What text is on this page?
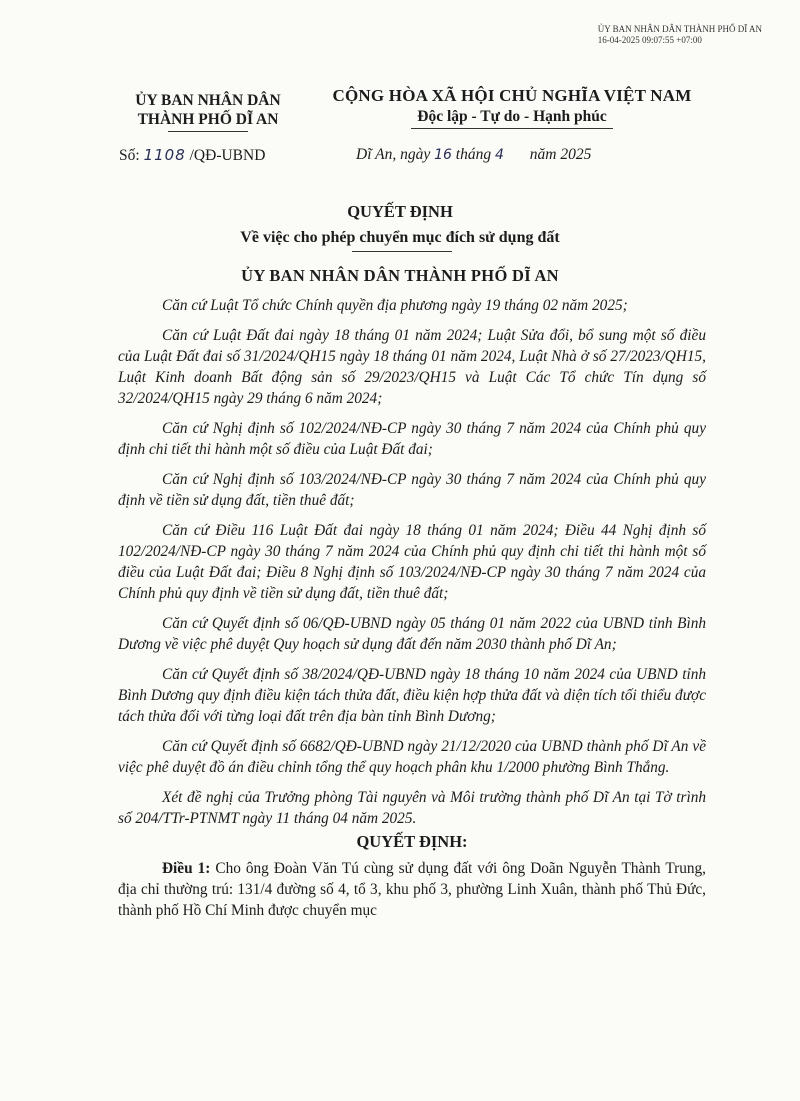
ỦY BAN NHÂN DÂN THÀNH PHỐ DĨ AN
16-04-2025 09:07:55 +07:00
ỦY BAN NHÂN DÂN
THÀNH PHỐ DĨ AN
CỘNG HÒA XÃ HỘI CHỦ NGHĨA VIỆT NAM
Độc lập - Tự do - Hạnh phúc
Số: 1108 /QĐ-UBND	Dĩ An, ngày 16 tháng 4 năm 2025
QUYẾT ĐỊNH
Về việc cho phép chuyển mục đích sử dụng đất
ỦY BAN NHÂN DÂN THÀNH PHỐ DĨ AN

Căn cứ Luật Tổ chức Chính quyền địa phương ngày 19 tháng 02 năm 2025;

Căn cứ Luật Đất đai ngày 18 tháng 01 năm 2024; Luật Sửa đổi, bổ sung một số điều của Luật Đất đai số 31/2024/QH15 ngày 18 tháng 01 năm 2024, Luật Nhà ở số 27/2023/QH15, Luật Kinh doanh Bất động sản số 29/2023/QH15 và Luật Các Tổ chức Tín dụng số 32/2024/QH15 ngày 29 tháng 6 năm 2024;

Căn cứ Nghị định số 102/2024/NĐ-CP ngày 30 tháng 7 năm 2024 của Chính phủ quy định chi tiết thi hành một số điều của Luật Đất đai;

Căn cứ Nghị định số 103/2024/NĐ-CP ngày 30 tháng 7 năm 2024 của Chính phủ quy định về tiền sử dụng đất, tiền thuê đất;

Căn cứ Điều 116 Luật Đất đai ngày 18 tháng 01 năm 2024; Điều 44 Nghị định số 102/2024/NĐ-CP ngày 30 tháng 7 năm 2024 của Chính phủ quy định chi tiết thi hành một số điều của Luật Đất đai; Điều 8 Nghị định số 103/2024/NĐ-CP ngày 30 tháng 7 năm 2024 của Chính phủ quy định về tiền sử dụng đất, tiền thuê đất;

Căn cứ Quyết định số 06/QĐ-UBND ngày 05 tháng 01 năm 2022 của UBND tỉnh Bình Dương về việc phê duyệt Quy hoạch sử dụng đất đến năm 2030 thành phố Dĩ An;

Căn cứ Quyết định số 38/2024/QĐ-UBND ngày 18 tháng 10 năm 2024 của UBND tỉnh Bình Dương quy định điều kiện tách thửa đất, điều kiện hợp thửa đất và diện tích tối thiểu được tách thửa đối với từng loại đất trên địa bàn tỉnh Bình Dương;

Căn cứ Quyết định số 6682/QĐ-UBND ngày 21/12/2020 của UBND thành phố Dĩ An về việc phê duyệt đồ án điều chỉnh tổng thể quy hoạch phân khu 1/2000 phường Bình Thắng.

Xét đề nghị của Trưởng phòng Tài nguyên và Môi trường thành phố Dĩ An tại Tờ trình số 204/TTr-PTNMT ngày 11 tháng 04 năm 2025.

QUYẾT ĐỊNH:

Điều 1: Cho ông Đoàn Văn Tú cùng sử dụng đất với ông Doãn Nguyễn Thành Trung, địa chỉ thường trú: 131/4 đường số 4, tổ 3, khu phố 3, phường Linh Xuân, thành phố Thủ Đức, thành phố Hồ Chí Minh được chuyển mục
